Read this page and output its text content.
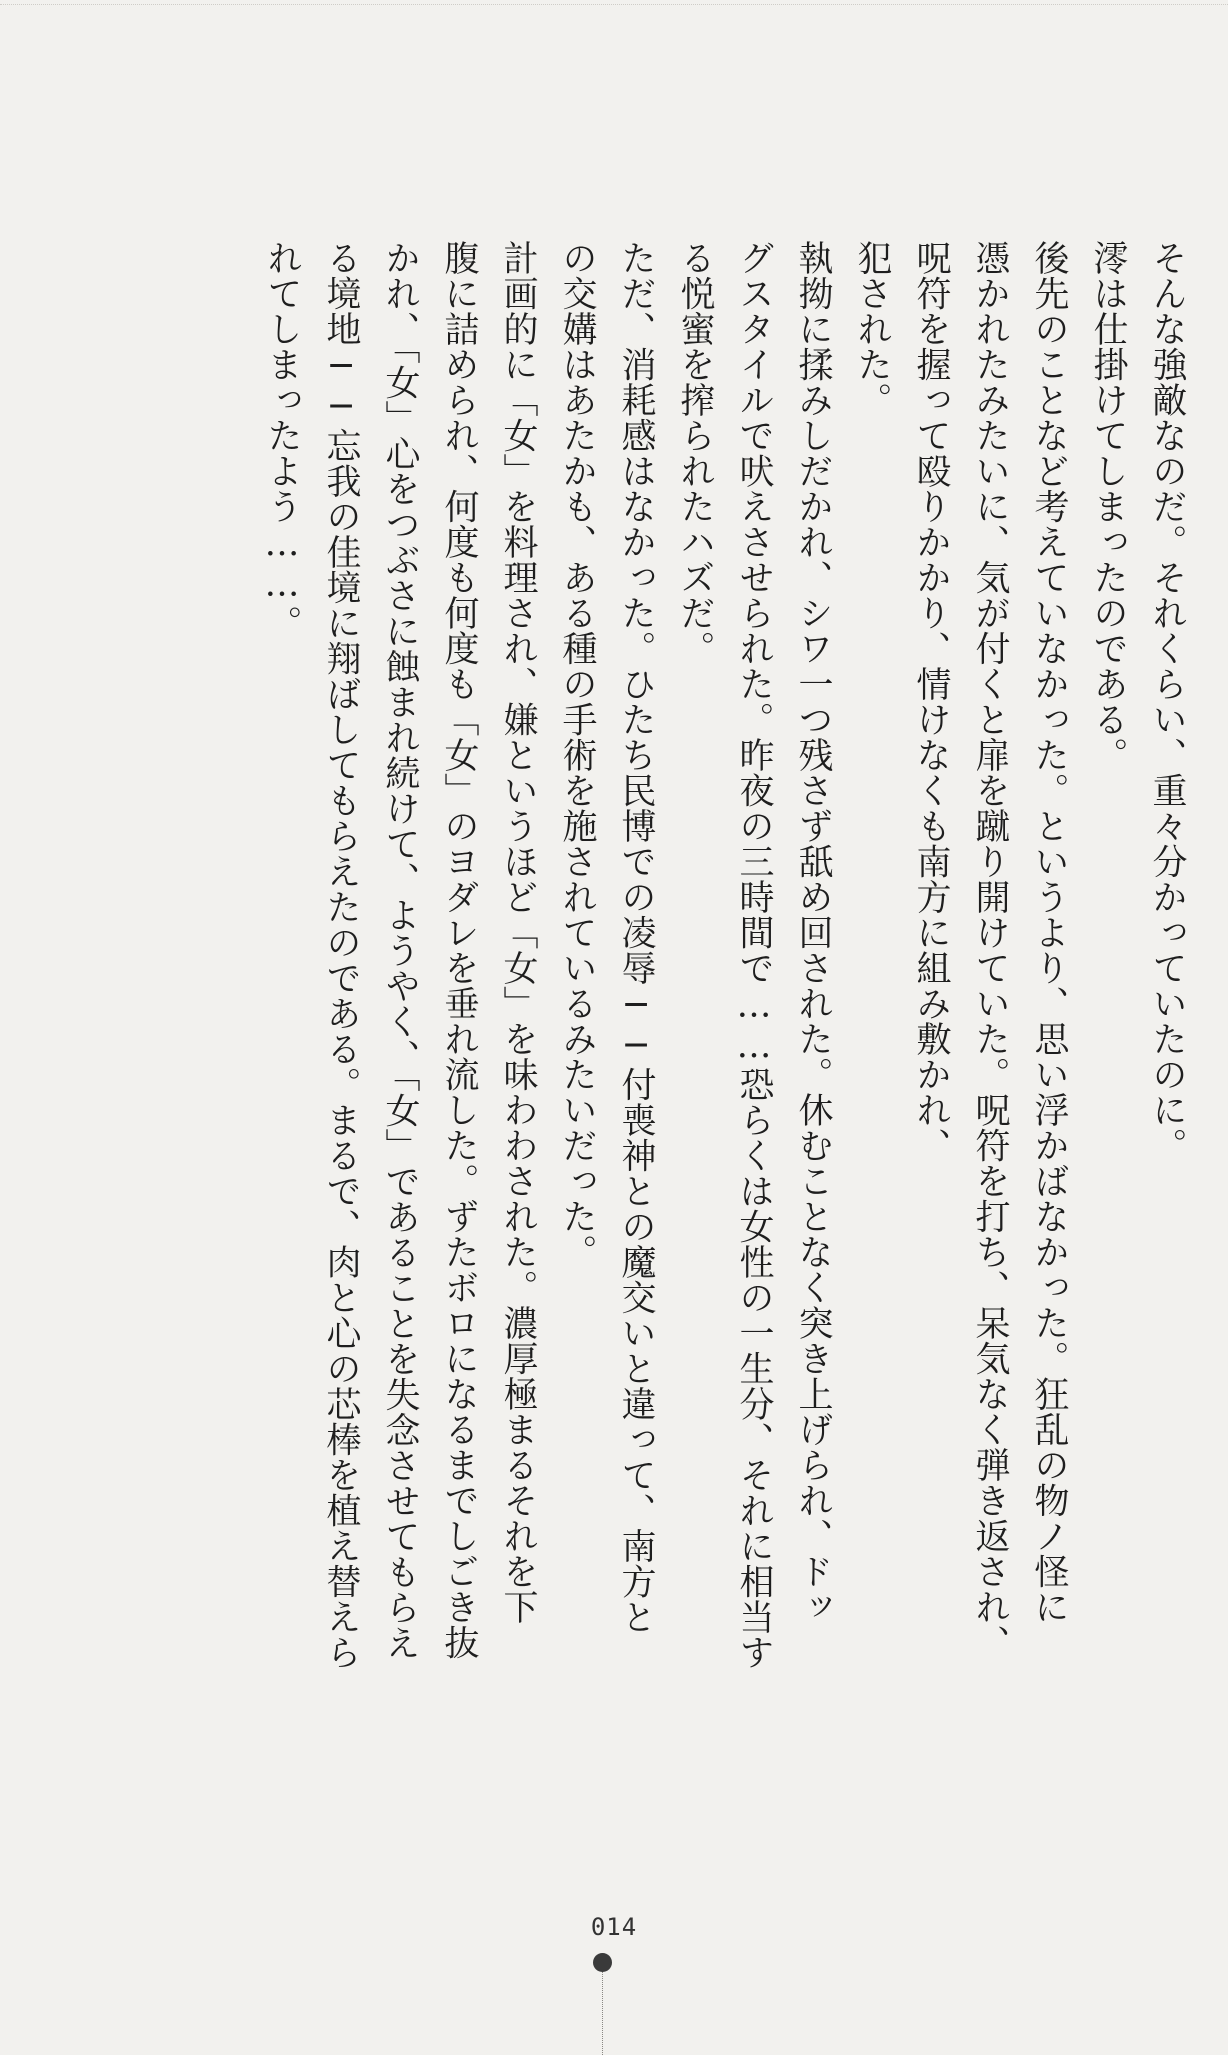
そんな強敵なのだ。それくらい、重々分かっていたのに。

澪は仕掛けてしまったのである。

後先のことなど考えていなかった。というより、思い浮かばなかった。狂乱の物ノ怪に

憑かれたみたいに、気が付くと扉を蹴り開けていた。呪符を打ち、呆気なく弾き返され、

呪符を握って殴りかかり、情けなくも南方に組み敷かれ、

犯された。

執拗に揉みしだかれ、シワ一つ残さず舐め回された。休むことなく突き上げられ、ドッ

グスタイルで吠えさせられた。昨夜の三時間で……恐らくは女性の一生分、それに相当す

る悦蜜を搾られたハズだ。

ただ、消耗感はなかった。ひたち民博での凌辱──付喪神との魔交いと違って、南方と

の交媾はあたかも、ある種の手術を施されているみたいだった。

計画的に「女」を料理され、嫌というほど「女」を味わわされた。濃厚極まるそれを下

腹に詰められ、何度も何度も「女」のヨダレを垂れ流した。ずたボロになるまでしごき抜

かれ、「女」心をつぶさに蝕まれ続けて、ようやく、「女」であることを失念させてもらえ

る境地──忘我の佳境に翔ばしてもらえたのである。まるで、肉と心の芯棒を植え替えら

れてしまったよう……。

014
